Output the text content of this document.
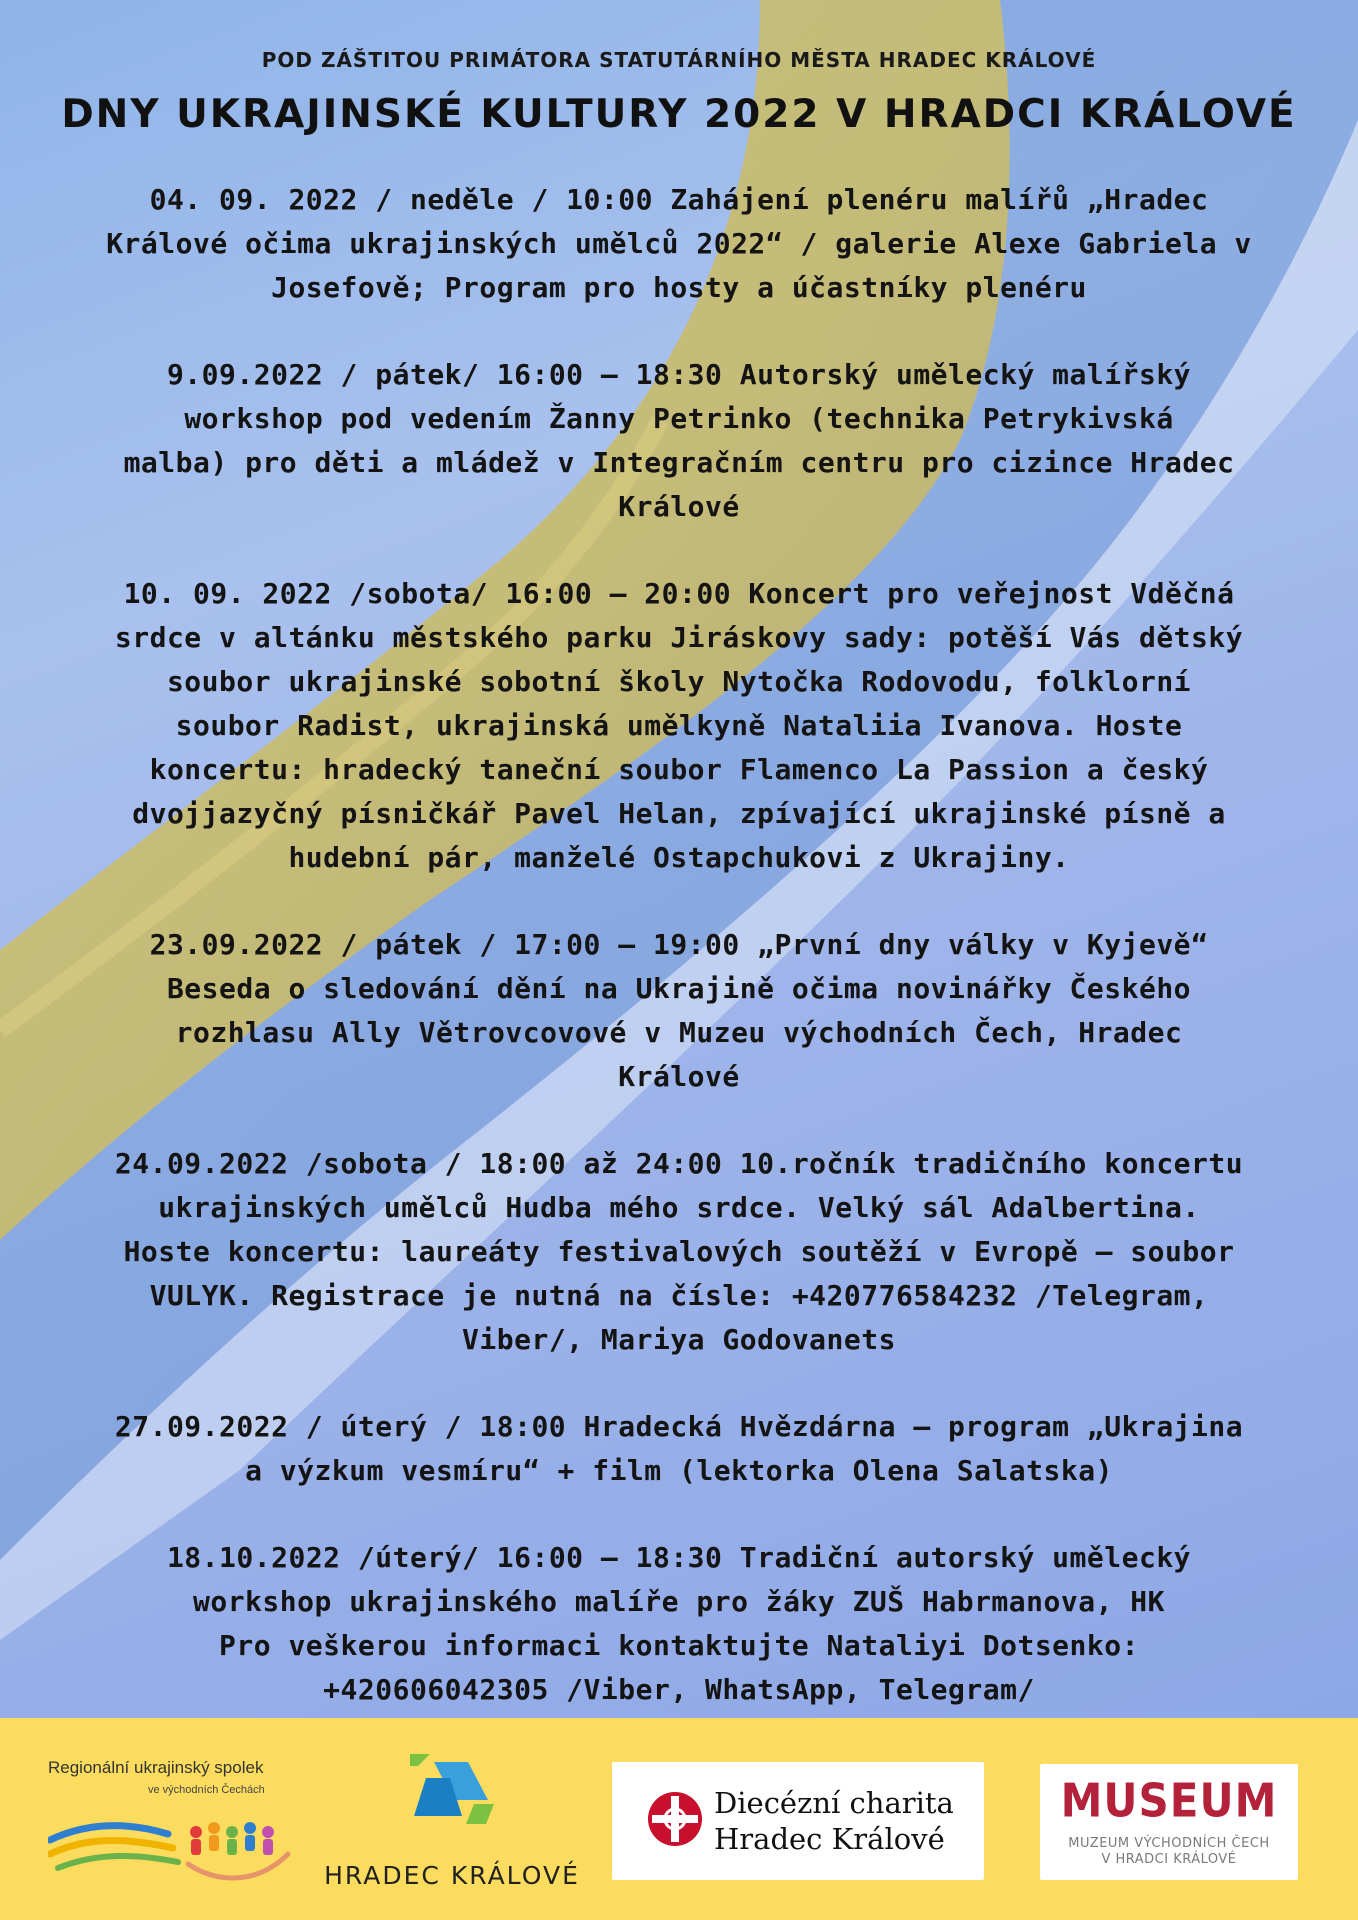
POD ZÁŠTITOU PRIMÁTORA STATUTÁRNÍHO MĚSTA HRADEC KRÁLOVÉ
DNY UKRAJINSKÉ KULTURY 2022 V HRADCI KRÁLOVÉ
04. 09. 2022 / neděle / 10:00 Zahájení plenéru malířů „Hradec
Králové očima ukrajinských umělců 2022“ / galerie Alexe Gabriela v
Josefově; Program pro hosty a účastníky plenéru
9.09.2022 / pátek/ 16:00 – 18:30 Autorský umělecký malířský
workshop pod vedením Žanny Petrinko (technika Petrykivská
malba) pro děti a mládež v Integračním centru pro cizince Hradec
Králové
10. 09. 2022 /sobota/ 16:00 – 20:00 Koncert pro veřejnost Vděčná
srdce v altánku městského parku Jiráskovy sady: potěší Vás dětský
soubor ukrajinské sobotní školy Nytočka Rodovodu, folklorní
soubor Radist, ukrajinská umělkyně Nataliia Ivanova. Hoste
koncertu: hradecký taneční soubor Flamenco La Passion a český
dvojjazyčný písničkář Pavel Helan, zpívající ukrajinské písně a
hudební pár, manželé Ostapchukovi z Ukrajiny.
23.09.2022 / pátek / 17:00 – 19:00 „První dny války v Kyjevě“
Beseda o sledování dění na Ukrajině očima novinářky Českého
rozhlasu Ally Větrovcovové v Muzeu východních Čech, Hradec
Králové
24.09.2022 /sobota / 18:00 až 24:00 10.ročník tradičního koncertu
ukrajinských umělců Hudba mého srdce. Velký sál Adalbertina.
Hoste koncertu: laureáty festivalových soutěží v Evropě – soubor
VULYK. Registrace je nutná na čísle: +420776584232 /Telegram,
Viber/, Mariya Godovanets
27.09.2022 / úterý / 18:00 Hradecká Hvězdárna – program „Ukrajina
a výzkum vesmíru“ + film (lektorka Olena Salatska)
18.10.2022 /úterý/ 16:00 – 18:30 Tradiční autorský umělecký
workshop ukrajinského malíře pro žáky ZUŠ Habrmanova, HK
Pro veškerou informaci kontaktujte Nataliyi Dotsenko:
+420606042305 /Viber, WhatsApp, Telegram/
Regionální ukrajinský spolek
ve východních Čechách
HRADEC KRÁLOVÉ
Diecézní charita
Hradec Králové
MUSEUM
MUZEUM VÝCHODNÍCH ČECH
V HRADCI KRÁLOVÉ
